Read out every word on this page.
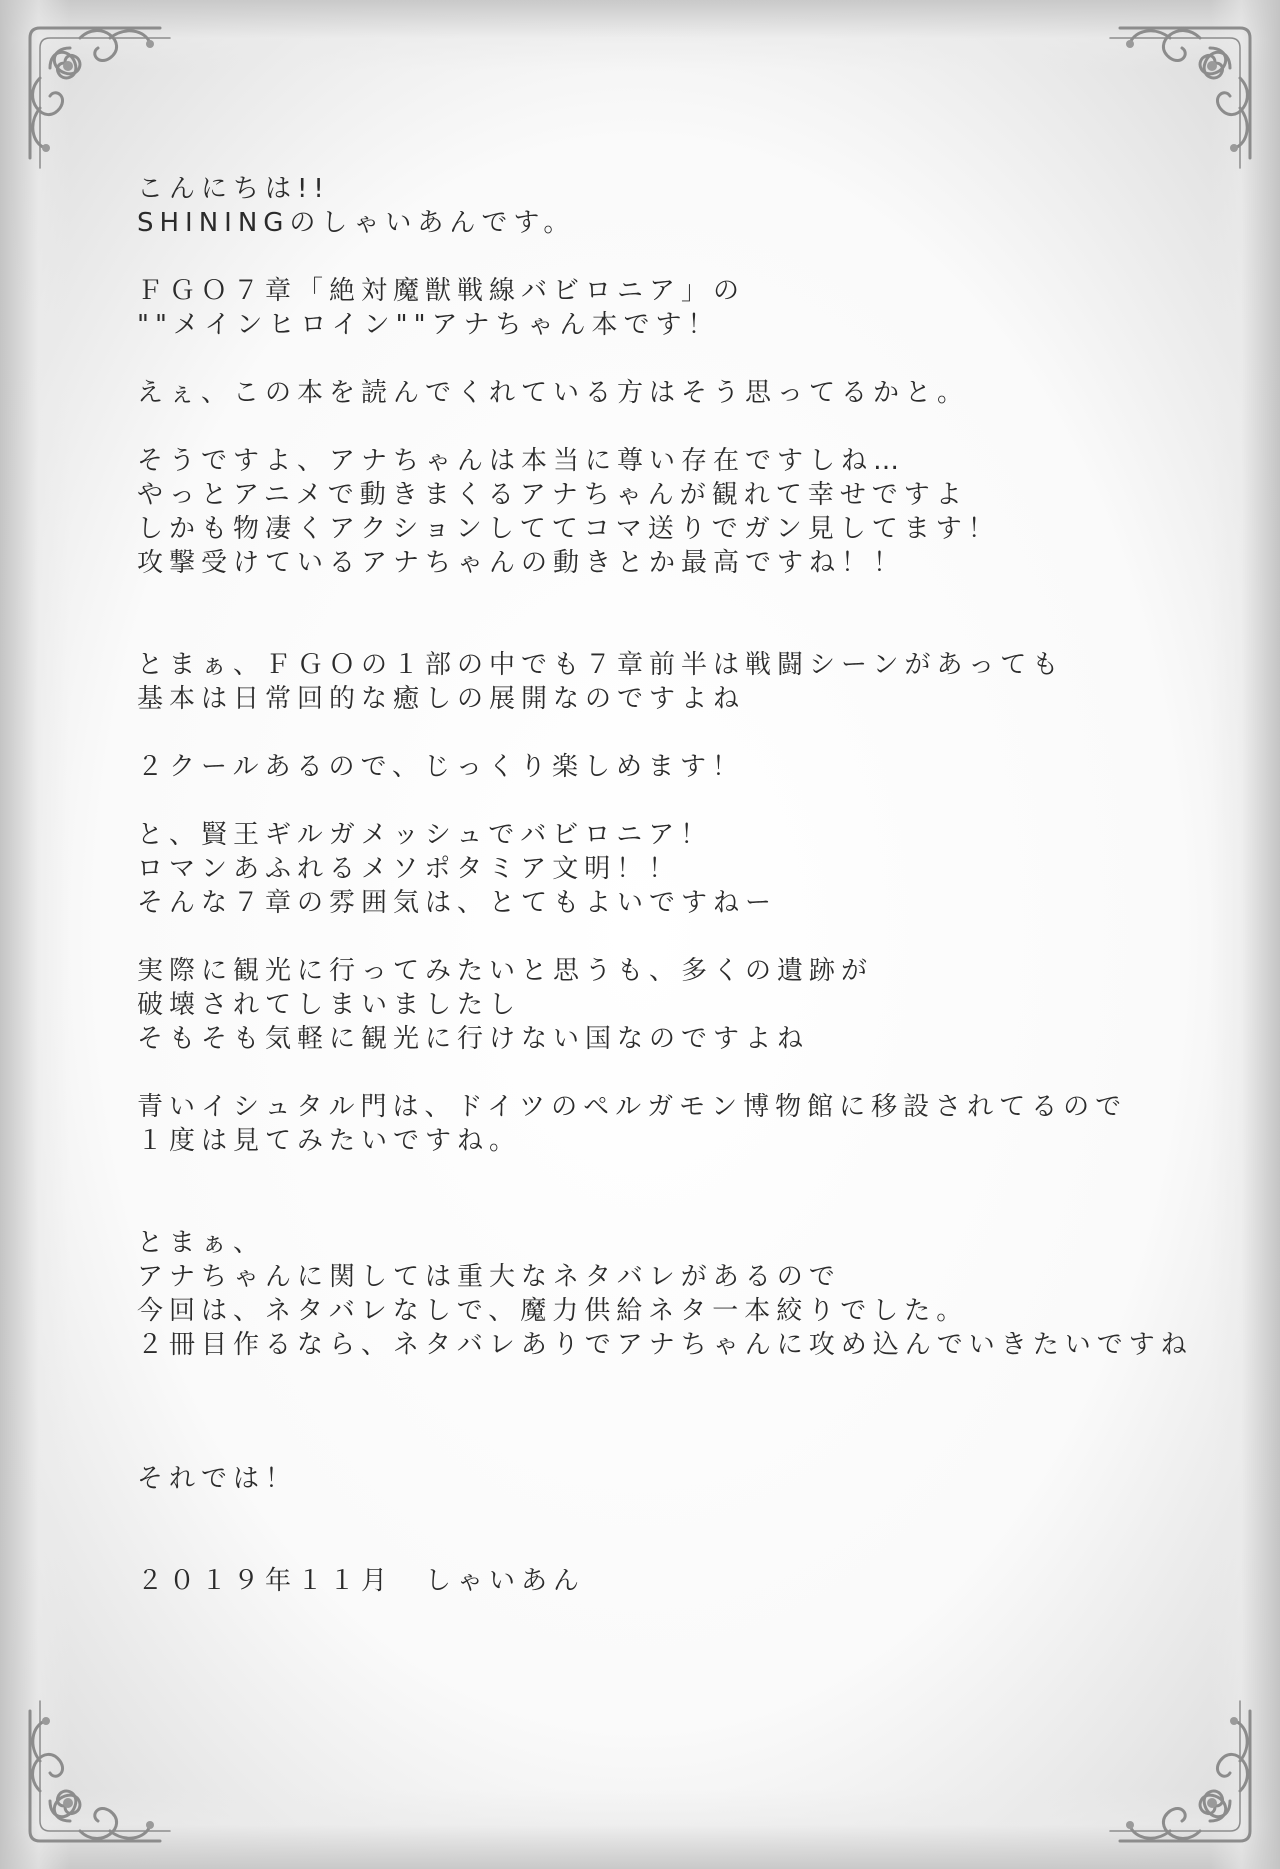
こんにちは!!
SHININGのしゃいあんです。
ＦＧＯ７章「絶対魔獣戦線バビロニア」の
""メインヒロイン""アナちゃん本です！
えぇ、この本を読んでくれている方はそう思ってるかと。
そうですよ、アナちゃんは本当に尊い存在ですしね…
やっとアニメで動きまくるアナちゃんが観れて幸せですよ
しかも物凄くアクションしててコマ送りでガン見してます！
攻撃受けているアナちゃんの動きとか最高ですね！！
とまぁ、ＦＧＯの１部の中でも７章前半は戦闘シーンがあっても
基本は日常回的な癒しの展開なのですよね
２クールあるので、じっくり楽しめます！
と、賢王ギルガメッシュでバビロニア！
ロマンあふれるメソポタミア文明！！
そんな７章の雰囲気は、とてもよいですねー
実際に観光に行ってみたいと思うも、多くの遺跡が
破壊されてしまいましたし
そもそも気軽に観光に行けない国なのですよね
青いイシュタル門は、ドイツのペルガモン博物館に移設されてるので
１度は見てみたいですね。
とまぁ、
アナちゃんに関しては重大なネタバレがあるので
今回は、ネタバレなしで、魔力供給ネタ一本絞りでした。
２冊目作るなら、ネタバレありでアナちゃんに攻め込んでいきたいですね
それでは！
２０１９年１１月　しゃいあん
